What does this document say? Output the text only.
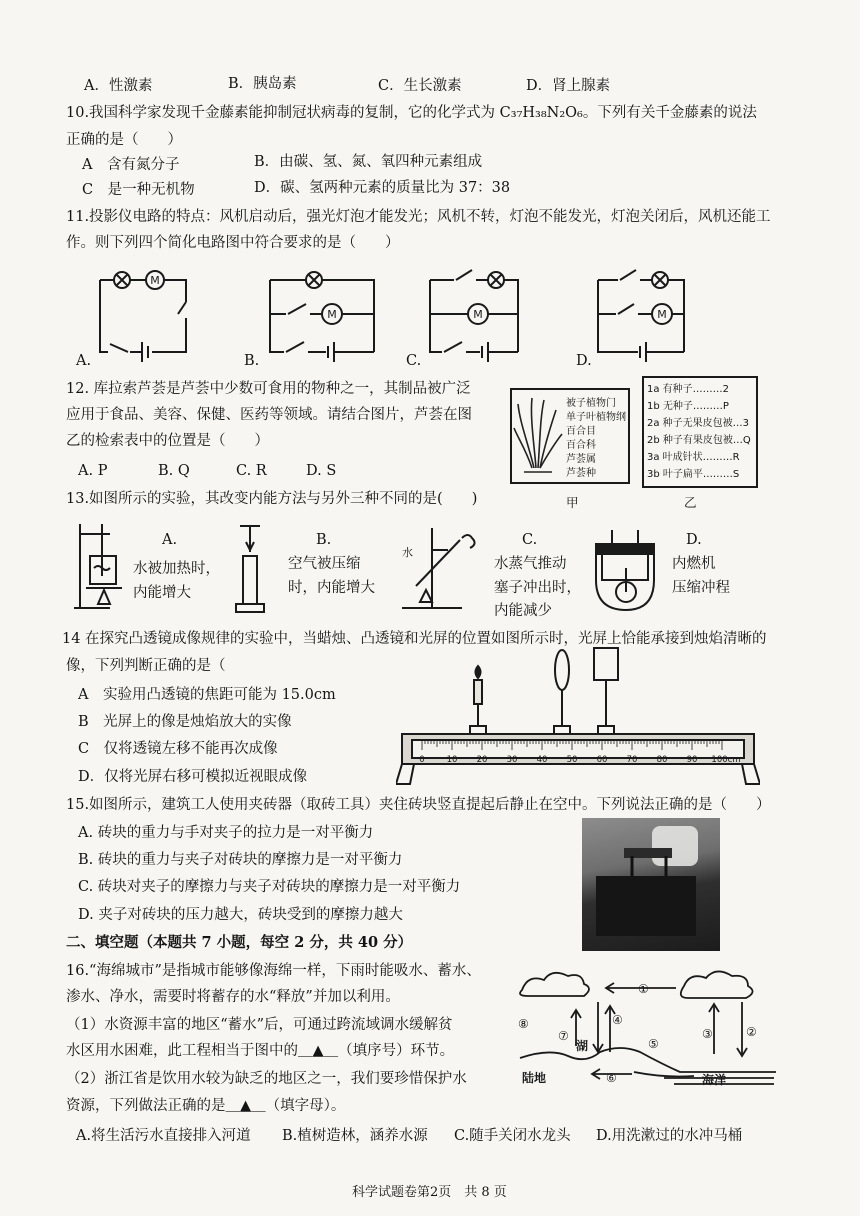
A．性激素	B．胰岛素	C．生长激素	D．肾上腺素
10.我国科学家发现千金藤素能抑制冠状病毒的复制，它的化学式为 C₃₇H₃₈N₂O₆。下列有关千金藤素的说法
正确的是（　　）
A　含有氮分子	B．由碳、氢、氮、氧四种元素组成
C　是一种无机物	D．碳、氢两种元素的质量比为 37：38
11.投影仪电路的特点：风机启动后，强光灯泡才能发光；风机不转，灯泡不能发光，灯泡关闭后，风机还能工
作。则下列四个简化电路图中符合要求的是（　　）
M
M	M	M
A.	B.	C.	D.
12. 库拉索芦荟是芦荟中少数可食用的物种之一，其制品被广泛
应用于食品、美容、保健、医药等领域。请结合图片，芦荟在图
乙的检索表中的位置是（　　）
A. P	B. Q	C. R	D. S
被子植物门
单子叶植物纲
百合目
百合科
芦荟属
芦荟种
1a 有种子………2
1b 无种子………P
2a 种子无果皮包被…3
2b 种子有果皮包被…Q
3a 叶成针状………R
3b 叶子扁平………S
甲	乙
13.如图所示的实验，其改变内能方法与另外三种不同的是(　　)
A.
水被加热时，
内能增大
B.
空气被压缩
时，内能增大
水
C.
水蒸气推动
塞子冲出时，
内能减少
D.
内燃机
压缩冲程
14 在探究凸透镜成像规律的实验中，当蜡烛、凸透镜和光屏的位置如图所示时，光屏上恰能承接到烛焰清晰的
像，下列判断正确的是（
A　实验用凸透镜的焦距可能为 15.0cm
B　光屏上的像是烛焰放大的实像
C　仅将透镜左移不能再次成像
D．仅将光屏右移可模拟近视眼成像
0	10 20 30 40 50 60 70 80 90 100cm
15.如图所示，建筑工人使用夹砖器（取砖工具）夹住砖块竖直提起后静止在空中。下列说法正确的是（　　）
A. 砖块的重力与手对夹子的拉力是一对平衡力
B. 砖块的重力与夹子对砖块的摩擦力是一对平衡力
C. 砖块对夹子的摩擦力与夹子对砖块的摩擦力是一对平衡力
D. 夹子对砖块的压力越大，砖块受到的摩擦力越大
二、填空题（本题共 7 小题，每空 2 分，共 40 分）
16.“海绵城市”是指城市能够像海绵一样，下雨时能吸水、蓄水、
渗水、净水，需要时将蓄存的水“释放”并加以利用。
（1）水资源丰富的地区“蓄水”后，可通过跨流域调水缓解贫
水区用水困难，此工程相当于图中的＿▲＿（填序号）环节。
（2）浙江省是饮用水较为缺乏的地区之一，我们要珍惜保护水
资源，下列做法正确的是＿▲＿（填字母）。
A.将生活污水直接排入河道 B.植树造林，涵养水源 C.随手关闭水龙头 D.用洗漱过的水冲马桶
①
②
③
④
⑤
⑥
⑦
⑧
湖
陆地	海洋
科学试题卷第2页　共 8 页
